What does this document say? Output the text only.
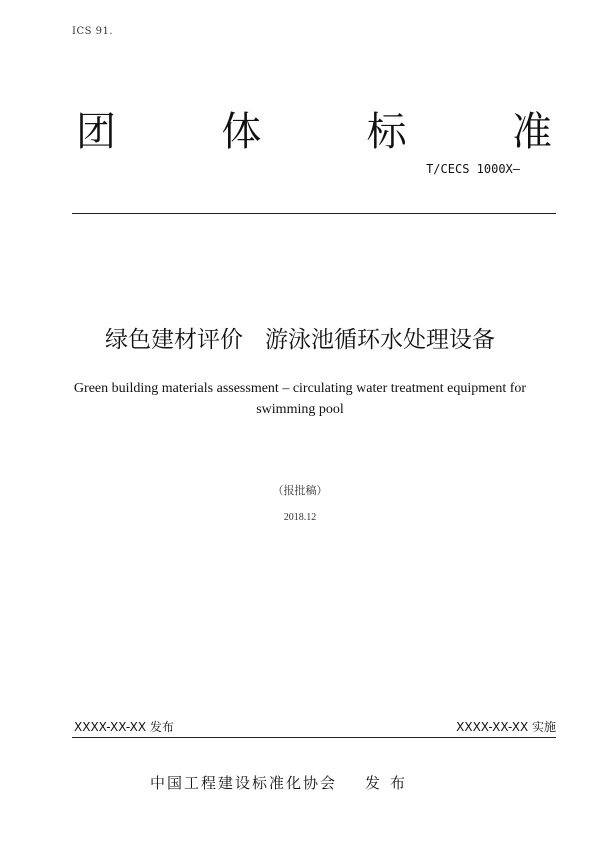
ICS 91.
团	体	标	准
T/CECS 1000X—
绿色建材评价 游泳池循环水处理设备
Green building materials assessment – circulating water treatment equipment for swimming pool
（报批稿）
2018.12
XXXX-XX-XX 发布	XXXX-XX-XX 实施
中国工程建设标准化协会 发布
